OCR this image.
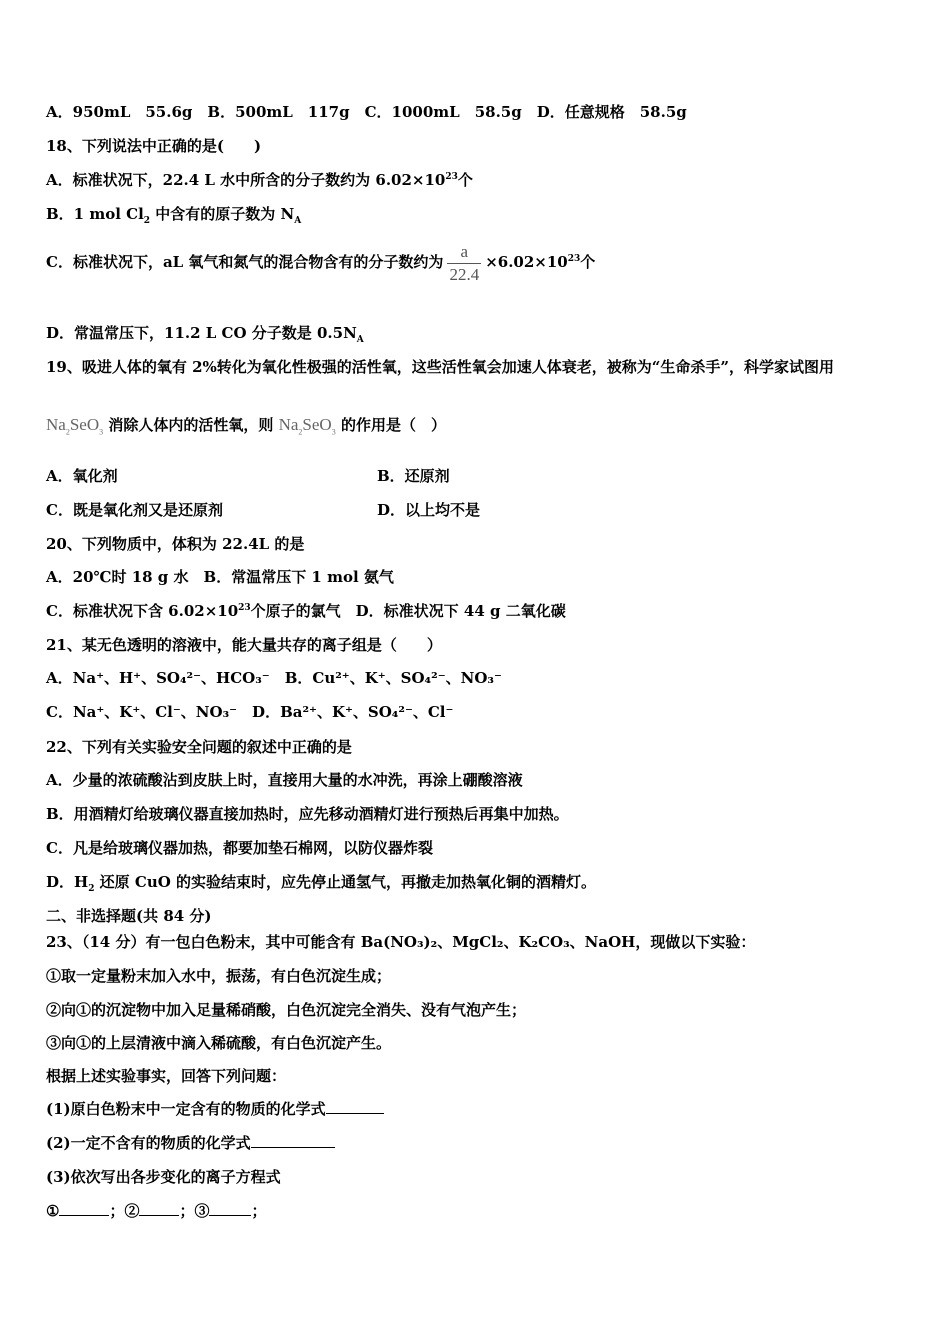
A．950mL　55.6g　B．500mL　117g　C．1000mL　58.5g　D．任意规格　58.5g
18、下列说法中正确的是(　　)
A．标准状况下，22.4 L 水中所含的分子数约为 $6.02\times 10^{23}$个
B．1 mol $Cl_2$ 中含有的原子数为 $N_A$
C．标准状况下，aL 氧气和氮气的混合物含有的分子数约为 $\frac{a}{22.4} \times 6.02\times 10^{23}$个
D．常温常压下，11.2 L CO 分子数是 $0.5N_A$
19、吸进人体的氧有 2%转化为氧化性极强的活性氧，这些活性氧会加速人体衰老，被称为“生命杀手”，科学家试图用
$Na_2SeO_3$ 消除人体内的活性氧，则 $Na_2SeO_3$ 的作用是（　）
A．氧化剂	B．还原剂
C．既是氧化剂又是还原剂	D．以上均不是
20、下列物质中，体积为 22.4L 的是
A．20℃时 18 g 水　B．常温常压下 1 mol 氨气
C．标准状况下含 $6.02\times 10^{23}$个原子的氯气　D．标准状况下 44 g 二氧化碳
21、某无色透明的溶液中，能大量共存的离子组是（　　）
A．Na⁺、H⁺、SO₄²⁻、HCO₃⁻　B．Cu²⁺、K⁺、SO₄²⁻、NO₃⁻
C．Na⁺、K⁺、Cl⁻、NO₃⁻　D．Ba²⁺、K⁺、SO₄²⁻、Cl⁻
22、下列有关实验安全问题的叙述中正确的是
A．少量的浓硫酸沾到皮肤上时，直接用大量的水冲洗，再涂上硼酸溶液
B．用酒精灯给玻璃仪器直接加热时，应先移动酒精灯进行预热后再集中加热。
C．凡是给玻璃仪器加热，都要加垫石棉网，以防仪器炸裂
D．$H_2$ 还原 CuO 的实验结束时，应先停止通氢气，再撤走加热氧化铜的酒精灯。
二、非选择题(共 84 分)
23、（14 分）有一包白色粉末，其中可能含有 Ba(NO₃)₂、MgCl₂、K₂CO₃、NaOH，现做以下实验：
①取一定量粉末加入水中，振荡，有白色沉淀生成；
②向①的沉淀物中加入足量稀硝酸，白色沉淀完全消失、没有气泡产生；
③向①的上层清液中滴入稀硫酸，有白色沉淀产生。
根据上述实验事实，回答下列问题：
(1)原白色粉末中一定含有的物质的化学式
(2)一定不含有的物质的化学式
(3)依次写出各步变化的离子方程式
①	；②	；③	；
